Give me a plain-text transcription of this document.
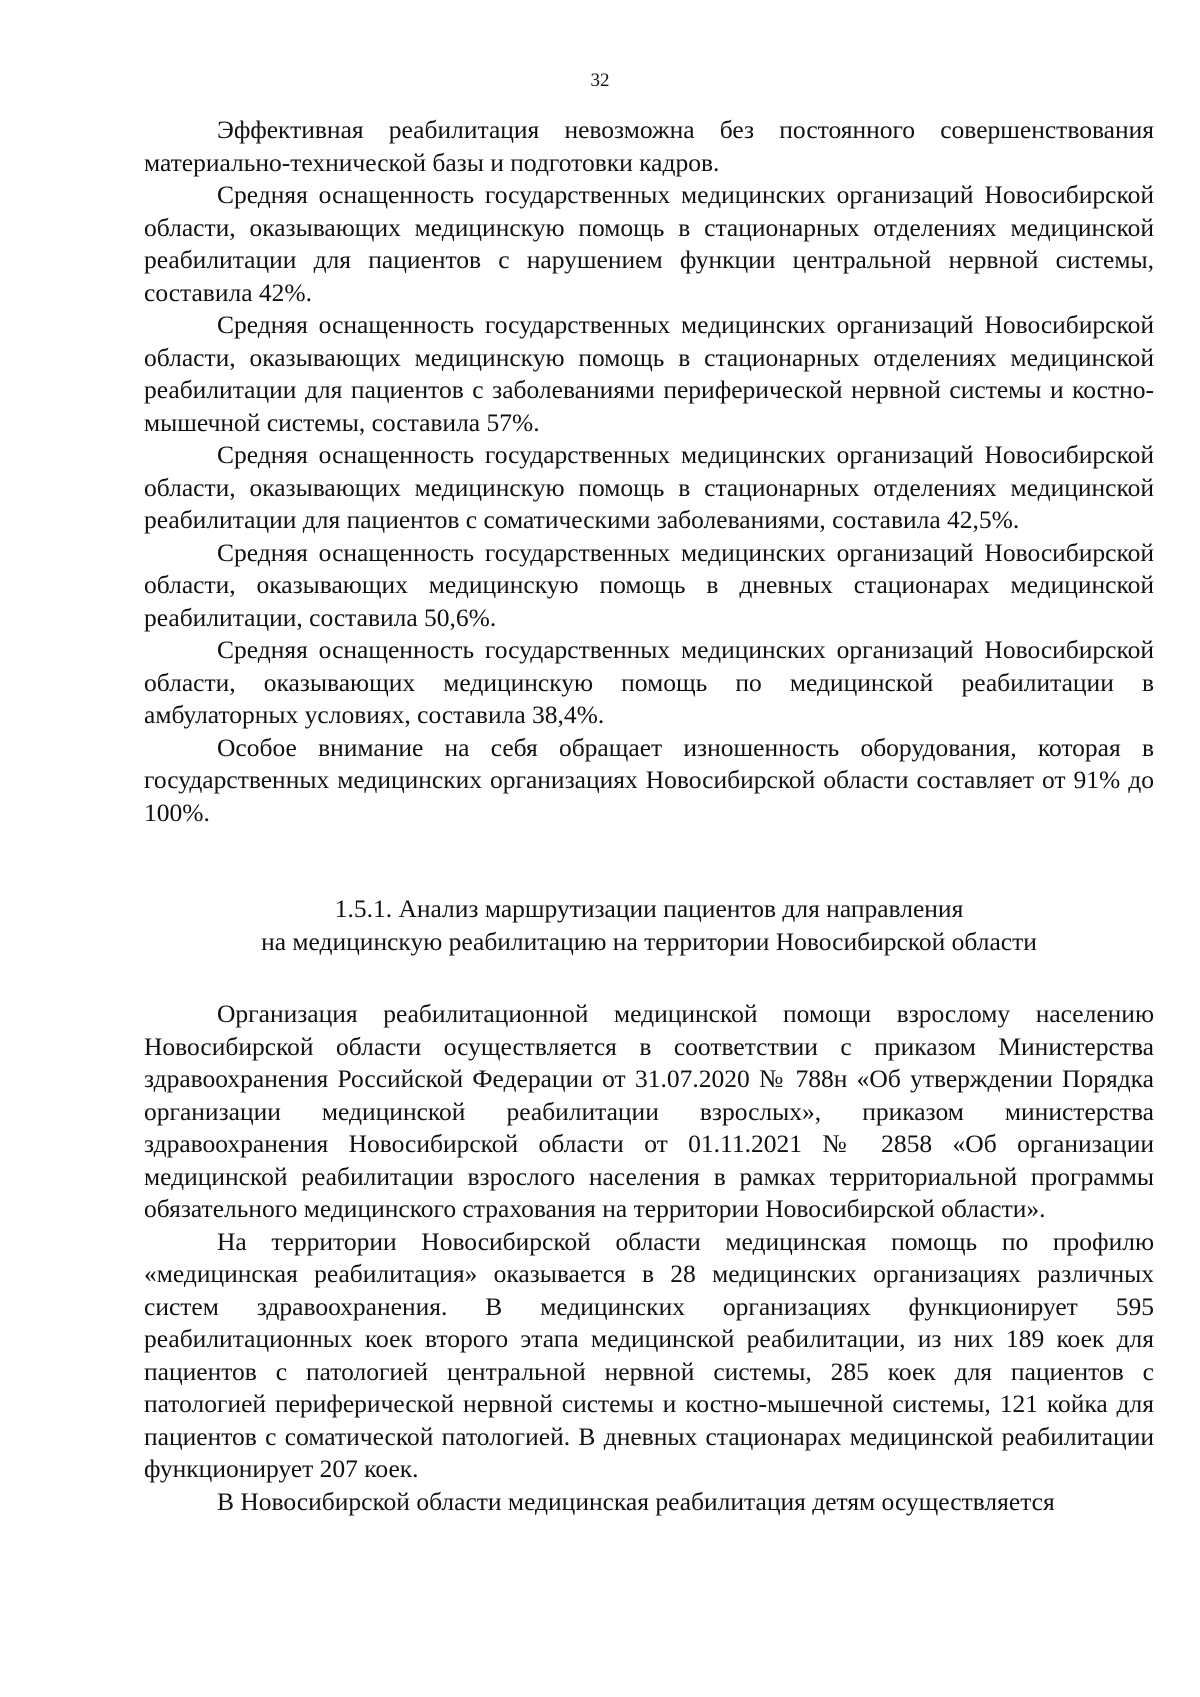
32

Эффективная реабилитация невозможна без постоянного совершенствования материально-технической базы и подготовки кадров.

Средняя оснащенность государственных медицинских организаций Новосибирской области, оказывающих медицинскую помощь в стационарных отделениях медицинской реабилитации для пациентов с нарушением функции центральной нервной системы, составила 42%.

Средняя оснащенность государственных медицинских организаций Новосибирской области, оказывающих медицинскую помощь в стационарных отделениях медицинской реабилитации для пациентов с заболеваниями периферической нервной системы и костно-мышечной системы, составила 57%.

Средняя оснащенность государственных медицинских организаций Новосибирской области, оказывающих медицинскую помощь в стационарных отделениях медицинской реабилитации для пациентов с соматическими заболеваниями, составила 42,5%.

Средняя оснащенность государственных медицинских организаций Новосибирской области, оказывающих медицинскую помощь в дневных стационарах медицинской реабилитации, составила 50,6%.

Средняя оснащенность государственных медицинских организаций Новосибирской области, оказывающих медицинскую помощь по медицинской реабилитации в амбулаторных условиях, составила 38,4%.

Особое внимание на себя обращает изношенность оборудования, которая в государственных медицинских организациях Новосибирской области составляет от 91% до 100%.

1.5.1. Анализ маршрутизации пациентов для направления
на медицинскую реабилитацию на территории Новосибирской области

Организация реабилитационной медицинской помощи взрослому населению Новосибирской области осуществляется в соответствии с приказом Министерства здравоохранения Российской Федерации от 31.07.2020 № 788н «Об утверждении Порядка организации медицинской реабилитации взрослых», приказом министерства здравоохранения Новосибирской области от 01.11.2021 № 2858 «Об организации медицинской реабилитации взрослого населения в рамках территориальной программы обязательного медицинского страхования на территории Новосибирской области».

На территории Новосибирской области медицинская помощь по профилю «медицинская реабилитация» оказывается в 28 медицинских организациях различных систем здравоохранения. В медицинских организациях функционирует 595 реабилитационных коек второго этапа медицинской реабилитации, из них 189 коек для пациентов с патологией центральной нервной системы, 285 коек для пациентов с патологией периферической нервной системы и костно-мышечной системы, 121 койка для пациентов с соматической патологией. В дневных стационарах медицинской реабилитации функционирует 207 коек.

В Новосибирской области медицинская реабилитация детям осуществляется
